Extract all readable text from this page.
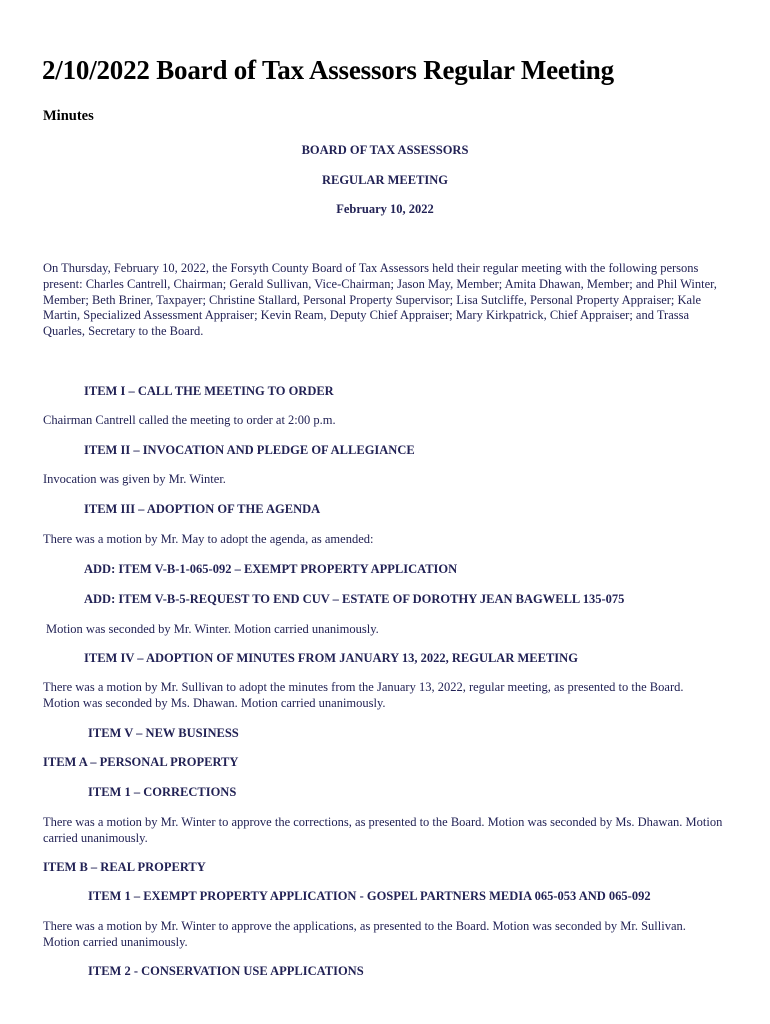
2/10/2022 Board of Tax Assessors Regular Meeting
Minutes
BOARD OF TAX ASSESSORS
REGULAR MEETING
February 10, 2022
On Thursday, February 10, 2022, the Forsyth County Board of Tax Assessors held their regular meeting with the following persons present: Charles Cantrell, Chairman; Gerald Sullivan, Vice-Chairman; Jason May, Member; Amita Dhawan, Member; and Phil Winter, Member; Beth Briner, Taxpayer; Christine Stallard, Personal Property Supervisor; Lisa Sutcliffe, Personal Property Appraiser; Kale Martin, Specialized Assessment Appraiser; Kevin Ream, Deputy Chief Appraiser; Mary Kirkpatrick, Chief Appraiser; and Trassa Quarles, Secretary to the Board.
ITEM I – CALL THE MEETING TO ORDER
Chairman Cantrell called the meeting to order at 2:00 p.m.
ITEM II – INVOCATION AND PLEDGE OF ALLEGIANCE
Invocation was given by Mr. Winter.
ITEM III – ADOPTION OF THE AGENDA
There was a motion by Mr. May to adopt the agenda, as amended:
ADD: ITEM V-B-1-065-092 – EXEMPT PROPERTY APPLICATION
ADD: ITEM V-B-5-REQUEST TO END CUV – ESTATE OF DOROTHY JEAN BAGWELL 135-075
Motion was seconded by Mr. Winter. Motion carried unanimously.
ITEM IV – ADOPTION OF MINUTES FROM JANUARY 13, 2022, REGULAR MEETING
There was a motion by Mr. Sullivan to adopt the minutes from the January 13, 2022, regular meeting, as presented to the Board. Motion was seconded by Ms. Dhawan. Motion carried unanimously.
ITEM V – NEW BUSINESS
ITEM A – PERSONAL PROPERTY
ITEM 1 – CORRECTIONS
There was a motion by Mr. Winter to approve the corrections, as presented to the Board. Motion was seconded by Ms. Dhawan. Motion carried unanimously.
ITEM B – REAL PROPERTY
ITEM 1 – EXEMPT PROPERTY APPLICATION - GOSPEL PARTNERS MEDIA 065-053 AND 065-092
There was a motion by Mr. Winter to approve the applications, as presented to the Board. Motion was seconded by Mr. Sullivan. Motion carried unanimously.
ITEM 2 - CONSERVATION USE APPLICATIONS
